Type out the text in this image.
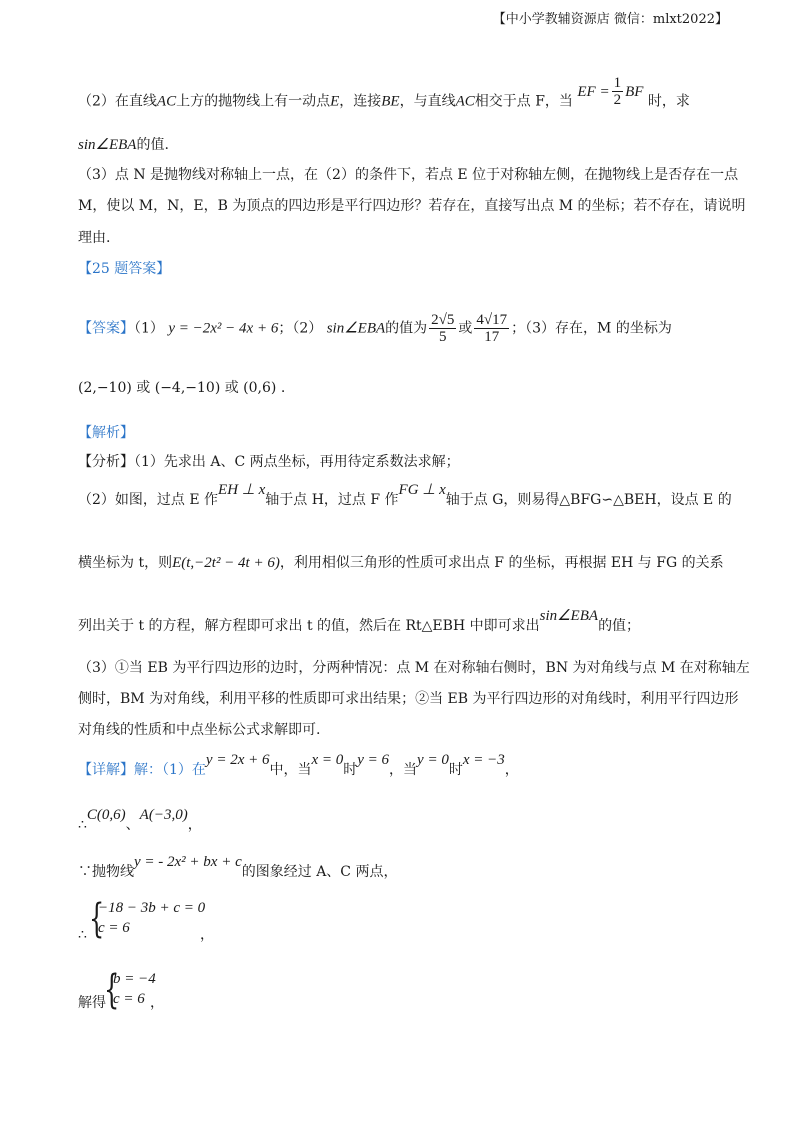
【中小学教辅资源店 微信：mlxt2022】
（2）在直线AC上方的抛物线上有一动点E，连接BE，与直线AC相交于点 F，当 EF = $\frac{1}{2}$ BF 时，求
sin∠EBA的值.
（3）点 N 是抛物线对称轴上一点，在（2）的条件下，若点 E 位于对称轴左侧，在抛物线上是否存在一点
M，使以 M，N，E，B 为顶点的四边形是平行四边形？若存在，直接写出点 M 的坐标；若不存在，请说明
理由.
【25 题答案】
【答案】（1） y = −2x² − 4x + 6；（2） sin∠EBA的值为 $\frac{2√5}{5}$ 或 $\frac{4√17}{17}$ ；（3）存在，M 的坐标为
(2,−10) 或 (−4,−10) 或 (0,6) .
【解析】
【分析】（1）先求出 A、C 两点坐标，再用待定系数法求解；
（2）如图，过点 E 作EH ⊥ x轴于点 H，过点 F 作FG ⊥ x轴于点 G，则易得△BFG∽△BEH，设点 E 的
横坐标为 t，则E(t,−2t² − 4t + 6)，利用相似三角形的性质可求出点 F 的坐标，再根据 EH 与 FG 的关系
列出关于 t 的方程，解方程即可求出 t 的值，然后在 Rt△EBH 中即可求出sin∠EBA的值；
（3）①当 EB 为平行四边形的边时，分两种情况：点 M 在对称轴右侧时，BN 为对角线与点 M 在对称轴左
侧时，BM 为对角线，利用平移的性质即可求出结果；②当 EB 为平行四边形的对角线时，利用平行四边形
对角线的性质和中点坐标公式求解即可.
【详解】解：（1）在y = 2x + 6中，当x = 0时y = 6，当y = 0时x = −3，
∴C(0,6)、A(−3,0)，
∵抛物线y = - 2x² + bx + c的图象经过 A、C 两点，
∴ {
−18 − 3b + c = 0
c = 6	，
解得
{
b = −4
c = 6 ，
